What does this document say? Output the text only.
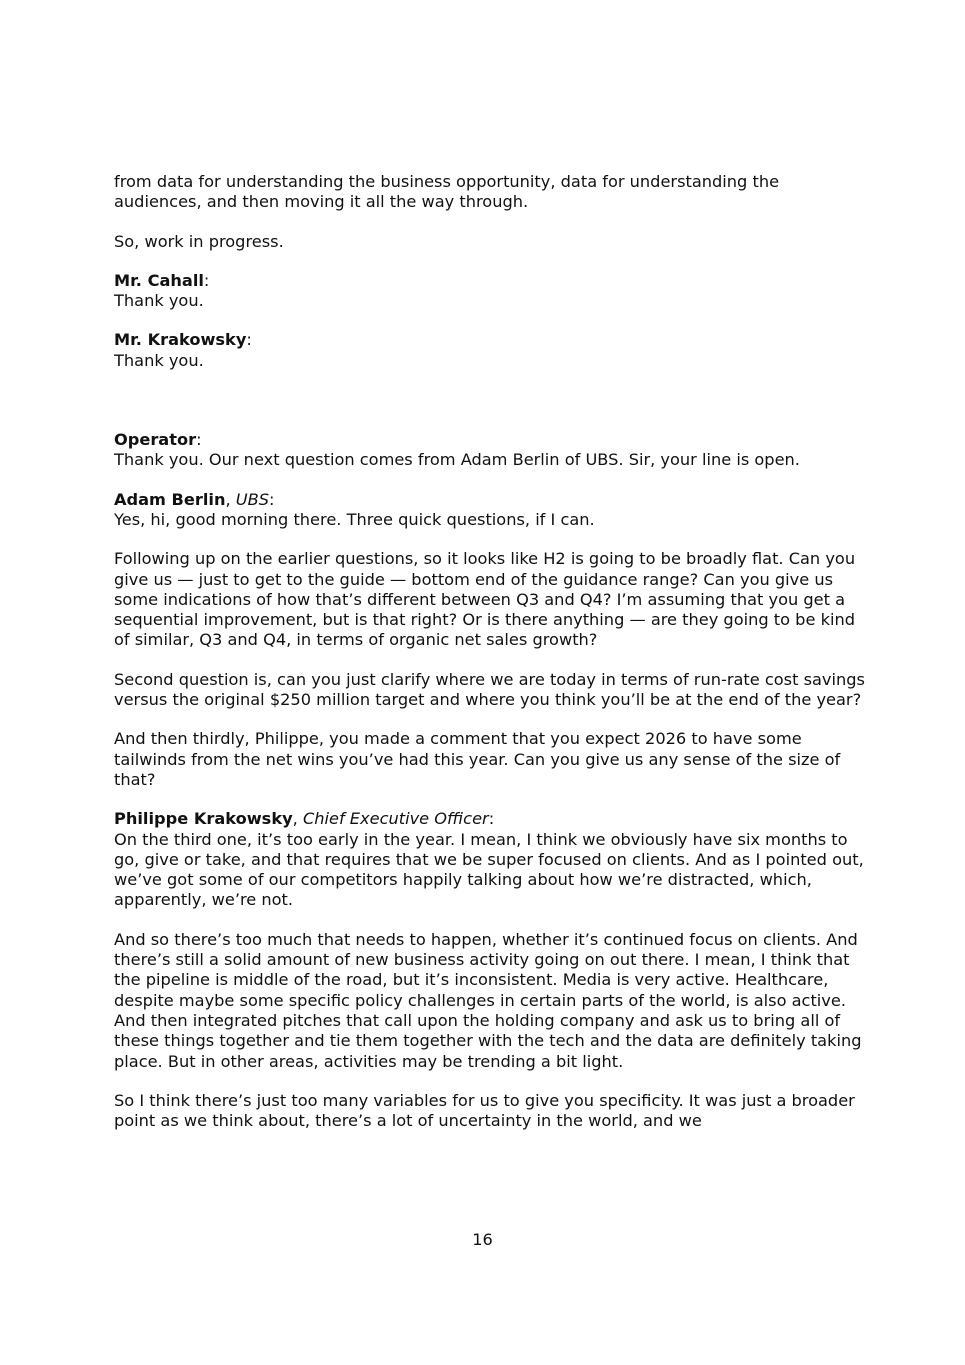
from data for understanding the business opportunity, data for understanding the audiences, and then moving it all the way through.

So, work in progress.

Mr. Cahall:
Thank you.
Mr. Krakowsky:
Thank you.
Operator:
Thank you. Our next question comes from Adam Berlin of UBS. Sir, your line is open.
Adam Berlin, UBS:
Yes, hi, good morning there. Three quick questions, if I can.

Following up on the earlier questions, so it looks like H2 is going to be broadly flat. Can you give us — just to get to the guide — bottom end of the guidance range? Can you give us some indications of how that’s different between Q3 and Q4? I’m assuming that you get a sequential improvement, but is that right? Or is there anything — are they going to be kind of similar, Q3 and Q4, in terms of organic net sales growth?

Second question is, can you just clarify where we are today in terms of run-rate cost savings versus the original $250 million target and where you think you’ll be at the end of the year?

And then thirdly, Philippe, you made a comment that you expect 2026 to have some tailwinds from the net wins you’ve had this year. Can you give us any sense of the size of that?

Philippe Krakowsky, Chief Executive Officer:
On the third one, it’s too early in the year. I mean, I think we obviously have six months to go, give or take, and that requires that we be super focused on clients. And as I pointed out, we’ve got some of our competitors happily talking about how we’re distracted, which, apparently, we’re not.

And so there’s too much that needs to happen, whether it’s continued focus on clients. And there’s still a solid amount of new business activity going on out there. I mean, I think that the pipeline is middle of the road, but it’s inconsistent. Media is very active. Healthcare, despite maybe some specific policy challenges in certain parts of the world, is also active. And then integrated pitches that call upon the holding company and ask us to bring all of these things together and tie them together with the tech and the data are definitely taking place. But in other areas, activities may be trending a bit light.

So I think there’s just too many variables for us to give you specificity. It was just a broader point as we think about, there’s a lot of uncertainty in the world, and we

16
